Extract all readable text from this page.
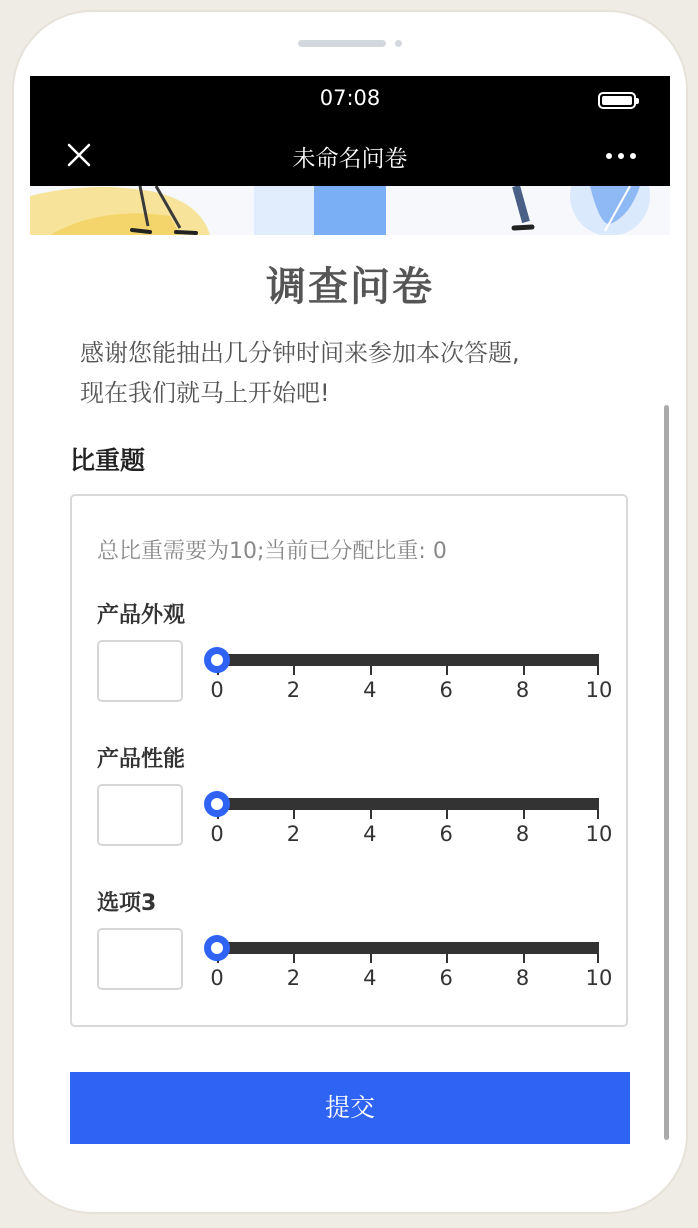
07:08
未命名问卷
调查问卷
感谢您能抽出几分钟时间来参加本次答题,
现在我们就马上开始吧!
比重题
总比重需要为10;当前已分配比重: 0
产品外观
0	2	4	6	8	10
产品性能
0	2	4	6	8	10
选项3
0	2	4	6	8	10
提交
